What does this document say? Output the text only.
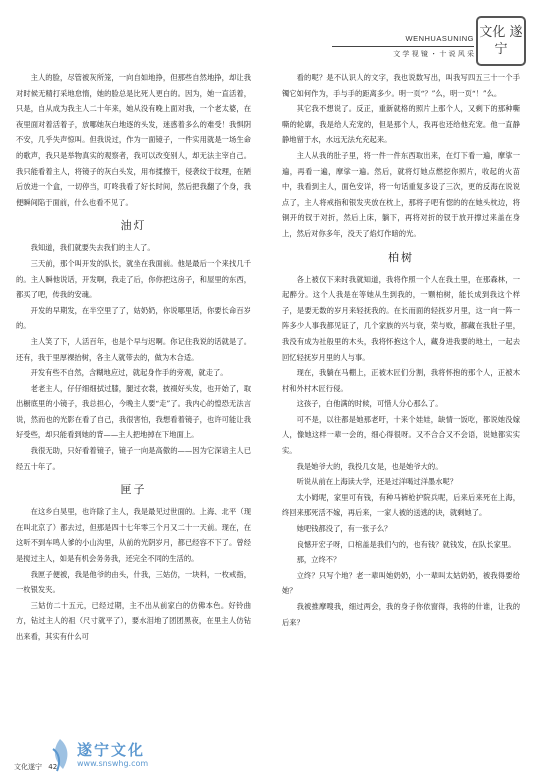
WENHUASUNING
文 学 视 镜 ・ 十 说 风 采
文化 遂宁

主人的脸，尽管被灰所笼，一向自如地挣，但那些自然地挣，却让我对时候无精打采地怠惰，她的脸总是比死人更白的。因为，她一直活着，只是，自从成为我主人二十年来，她从没有晚上面对我，一个老太婆，在夜里面对着活着子，放哪她灰白地逐的头发，迷惑着多么的难受！我惧阴不安，几乎失声惊叫。但我说过，作为一面镜子，一件实用就是一场生命的歌声，我只是举物真实的观察者，我可以改变别人，却无法主宰自己。我只能看着主人，将镜子的灰白头发，用布揉擦干，侵袭纹于纹理，在陋后放进一个盒，一切停当，叮咚我看了好长时间，然后把我翻了个身，我便瞬间陷于面前，什么也看不见了。

油灯

我知道，我们就要失去我们的主人了。

三天前，那个叫开发的队长，就坐在我面前。他是最后一个来找几千的。主人瞬他说话，开发啊，我走了后，你你把这房子，和屋里的东西，都买了吧，传我的安魂。

开发的早期发，在半空里了了，姑奶奶，你说哪里话，你要长命百岁的。

主人笑了下，人活百年，也是个早与迟啊。你记住我说的话就是了。还有，我于里厚裸抬树，各主人就带去的，做为木合适。

开发有些不自然，含糊地应过，就起身作手的旁观，就走了。

老老主人，仔仔细细拭过膝，腿过衣裳，披裰好头发，也开始了，取出橱底里的小镜子，我总担心，今晚主人要“走”了。我内心的惶恐无法言说，然而也的光影在看了自己，我很害怕，我想看着镜子，也许可能让我好受些，却只能看到她的背——主人把地掉在下地面上。

我很无助，只好看着镜子，镜子一向是高傲的——因为它深谙主人已经五十年了。

匣子

在这乡白昊里，也许除了主人，我是最见过世面的。上海、北平（现在叫北京了）都去过，但那是四十七年零三个月又二十一天前。现在，在这听不到车鸣人爹的小山沟里，从前的光阴岁月，都已经容不下了。曾经是搅过主人，如是有机会务务我，还完全不同的生活的。

我匣子便被，我是他爷的由头，什我，三姑仿，一块料，一枚戒指，一枚银发夹。

三姑仿二十五元，已经过期，主不出从前家白的仿佛本色。好铃曲方，钻过主人的祖（尺寸就平了），要水泪地了团团黑夜，在里主人仿钻出来看，其实有什么可

看的呢？是不认识人的文字，我也说数写出，叫我写四五三十一个手镯它如何作为，手与手的距离多少。明一页“？”么，明一页“！”么。

其它我不想说了。反正，重新就格的照片上那个人，又剩下的那种嘶嘶的轮廓，我是给人充宠的，但是那个人，我再也还给他充宠。他一直静静地留于水，水远无法允充起来。

主人从我的肚子里，将一件一件东西取出来，在灯下看一遍，摩挲一遍，再看一遍，摩挲一遍。然后，就将灯她点燃挖你照片，收起的火苗中，我看到主人，面色安详，将一句话重复多设了三次，更的反海在说说点了，主人将戒指和银发夹放在枕上，那将子吧有惚的的在她头枕边，将铜开的钗于对折，然后上床，躺下，再将对折的钗于放开撑过来盖在身上，然后对你多年，没天了焰灯作暗的光。

柏树

各上被仅下来时我就知道，我将作照一个人在我土里，在那森林，一起醉分。这个人我是在等她从生到我的，一颗柏树，能长成到我这个样子，是要无数的岁月来轻抚我的。在长而面的轻抚岁月里，这一向一阵一阵多少人事我都见证了，几个家族的兴与衰，荣与败，都藏在我肚子里，我没有成为社般里的木头，我将怀抱这个人，藏身进我要的地土，一起去回忆轻抚岁月里的人与事。

现在，我躺在马棚上，正被木匠们分割，我将怀抱的那个人，正被木村和外村木匠行侵。

这孩子，白他满的时候，可惜人分心那么了。

可不是，以往都是她那老吁，十来个娃娃，缺情一饭吃，都说她没嫁人，像她这样一辈一会的，细心得很呀。又不合合又不会语，说她都实实实。

我是她爷大的，我投几女是，也是她爷大的。

听说从前在上海读大学，还是过洋喝过洋墨水呢？

太小姆呢，家里可有钱，有种马裤枪护院兵呢，后来后来死在上海，终回来那死活不嫁，再后来，一家人被的送逃的诀，就剩她了。

她吧钱都没了，有一张子么？

良憾开宏子呀，口棺盖是我们勺的，也有钱？就钱发，在队长家里。

那，立终不？

立终？只写个地？老一辈叫她奶奶，小一辈叫太姑奶奶，被我得要给她？

我被推摩嗖我，细过两会，我的身子你依窗得，我将的什谁，让我的后来？

遂宁文化
www.snswhg.com
文化遂宁 42
